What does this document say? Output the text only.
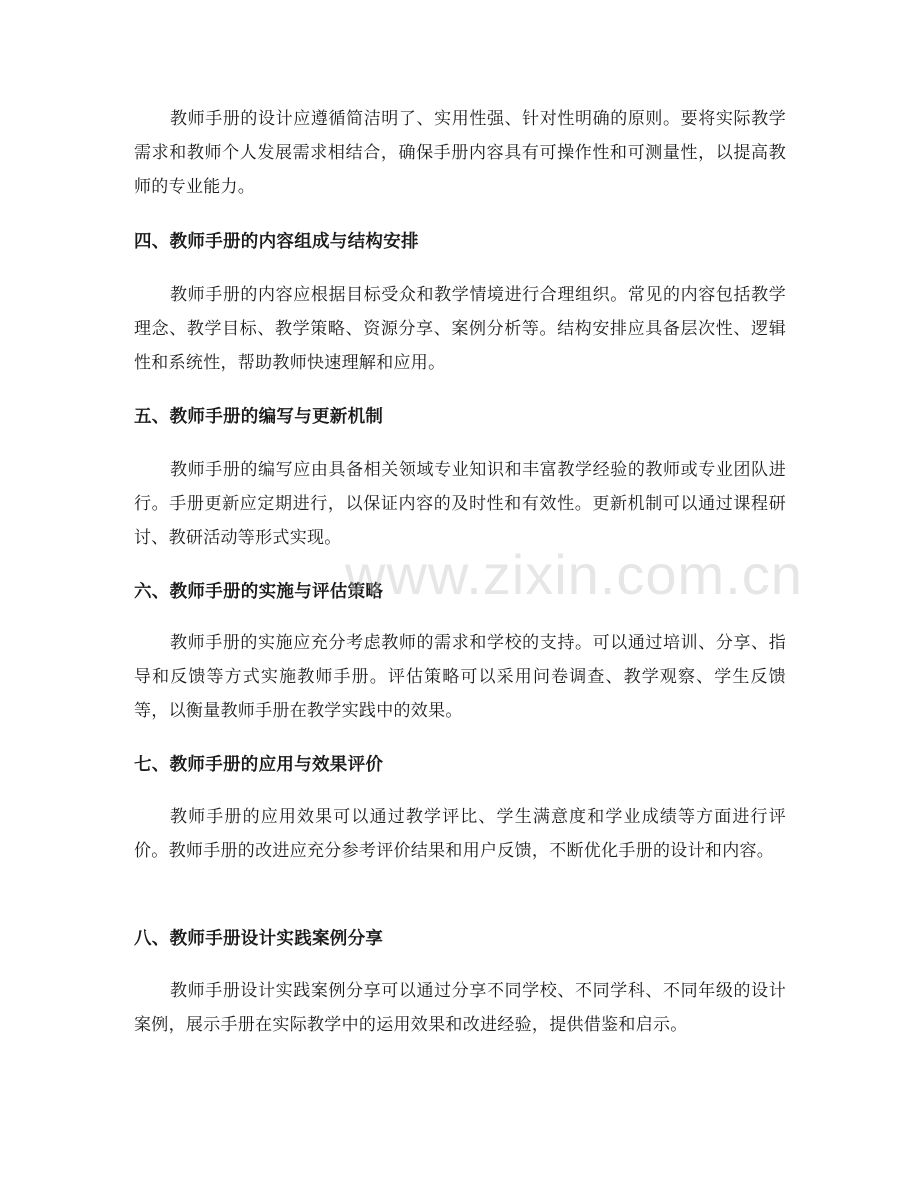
教师手册的设计应遵循简洁明了、实用性强、针对性明确的原则。要将实际教学需求和教师个人发展需求相结合，确保手册内容具有可操作性和可测量性，以提高教师的专业能力。

四、教师手册的内容组成与结构安排

教师手册的内容应根据目标受众和教学情境进行合理组织。常见的内容包括教学理念、教学目标、教学策略、资源分享、案例分析等。结构安排应具备层次性、逻辑性和系统性，帮助教师快速理解和应用。

五、教师手册的编写与更新机制

教师手册的编写应由具备相关领域专业知识和丰富教学经验的教师或专业团队进行。手册更新应定期进行，以保证内容的及时性和有效性。更新机制可以通过课程研讨、教研活动等形式实现。

六、教师手册的实施与评估策略

教师手册的实施应充分考虑教师的需求和学校的支持。可以通过培训、分享、指导和反馈等方式实施教师手册。评估策略可以采用问卷调查、教学观察、学生反馈等，以衡量教师手册在教学实践中的效果。

七、教师手册的应用与效果评价

教师手册的应用效果可以通过教学评比、学生满意度和学业成绩等方面进行评价。教师手册的改进应充分参考评价结果和用户反馈，不断优化手册的设计和内容。

八、教师手册设计实践案例分享

教师手册设计实践案例分享可以通过分享不同学校、不同学科、不同年级的设计案例，展示手册在实际教学中的运用效果和改进经验，提供借鉴和启示。

www.zixin.com.cn
